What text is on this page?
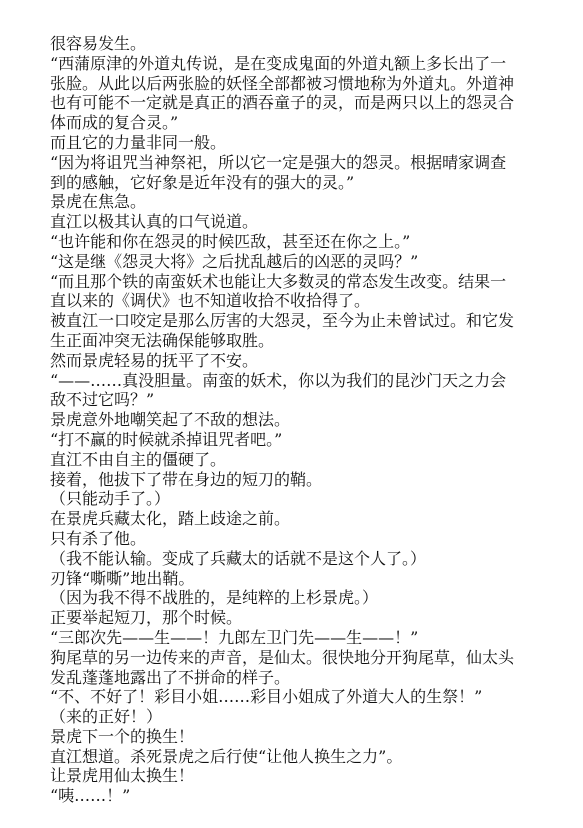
很容易发生。

“西蒲原津的外道丸传说，是在变成鬼面的外道丸额上多长出了一

张脸。从此以后两张脸的妖怪全部都被习惯地称为外道丸。外道神

也有可能不一定就是真正的酒吞童子的灵，而是两只以上的怨灵合

体而成的复合灵。”

而且它的力量非同一般。

“因为将诅咒当神祭祀，所以它一定是强大的怨灵。根据晴家调查

到的感触，它好象是近年没有的强大的灵。”

景虎在焦急。

直江以极其认真的口气说道。

“也许能和你在怨灵的时候匹敌，甚至还在你之上。”

“这是继《怨灵大将》之后扰乱越后的凶恶的灵吗？”

“而且那个铁的南蛮妖术也能让大多数灵的常态发生改变。结果一

直以来的《调伏》也不知道收拾不收拾得了。

被直江一口咬定是那么厉害的大怨灵，至今为止未曾试过。和它发

生正面冲突无法确保能够取胜。

然而景虎轻易的抚平了不安。

“——……真没胆量。南蛮的妖术，你以为我们的昆沙门天之力会

敌不过它吗？”

景虎意外地嘲笑起了不敌的想法。

“打不赢的时候就杀掉诅咒者吧。”

直江不由自主的僵硬了。

接着，他拔下了带在身边的短刀的鞘。

（只能动手了。）

在景虎兵藏太化，踏上歧途之前。

只有杀了他。

（我不能认输。变成了兵藏太的话就不是这个人了。）

刃锋“嘶嘶”地出鞘。

（因为我不得不战胜的，是纯粹的上杉景虎。）

正要举起短刀，那个时候。

“三郎次先——生——！九郎左卫门先——生——！”

狗尾草的另一边传来的声音，是仙太。很快地分开狗尾草，仙太头

发乱蓬蓬地露出了不拼命的样子。

“不、不好了！彩目小姐……彩目小姐成了外道大人的生祭！”

（来的正好！）

景虎下一个的换生！

直江想道。杀死景虎之后行使“让他人换生之力”。

让景虎用仙太换生！

“咦……！”
